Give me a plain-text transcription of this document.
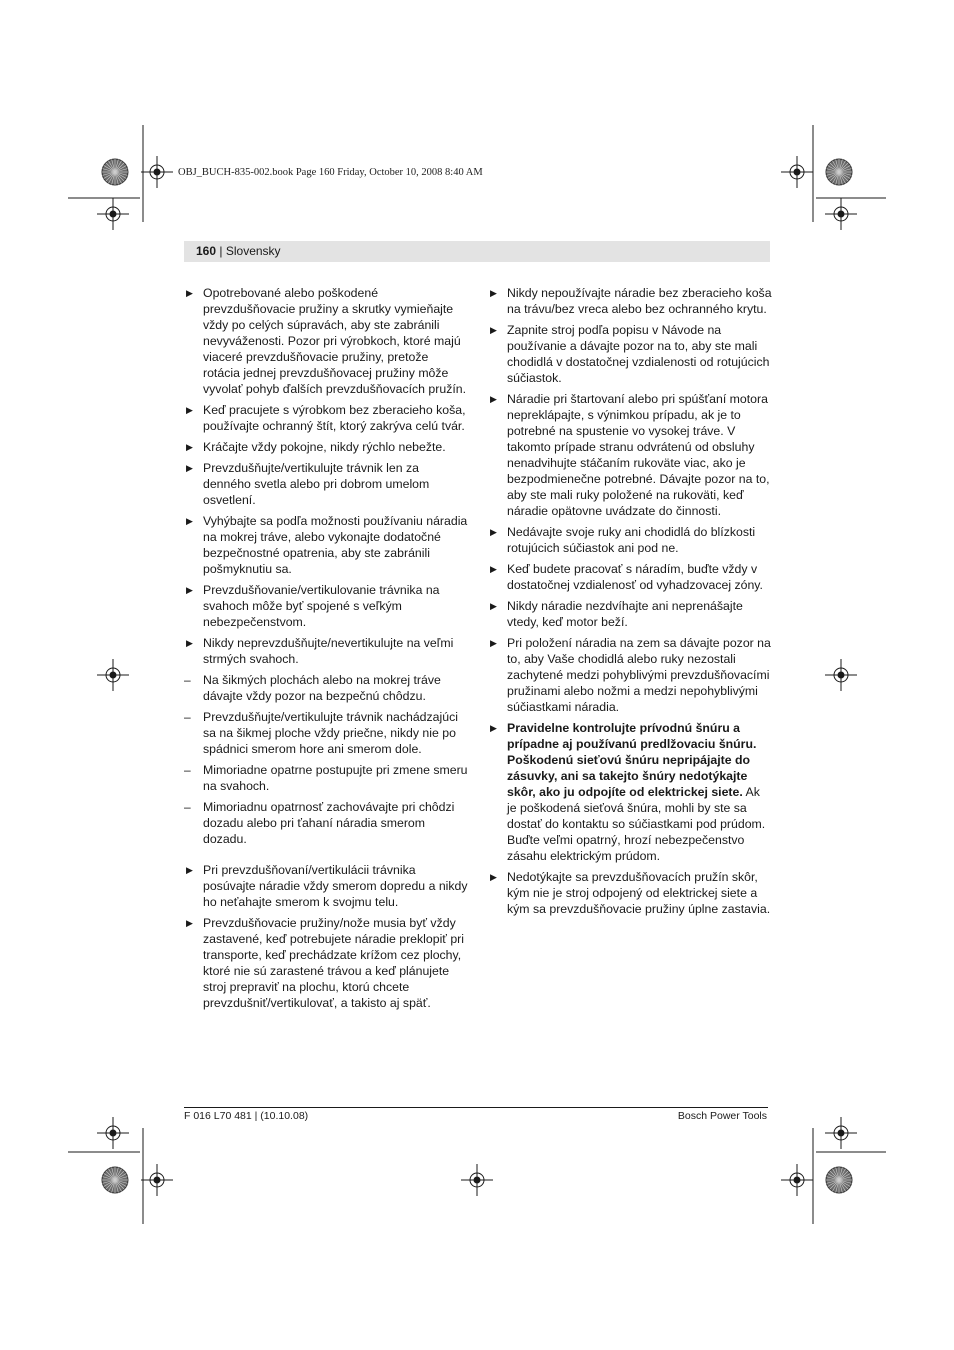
OBJ_BUCH-835-002.book Page 160 Friday, October 10, 2008 8:40 AM
160 | Slovensky
▶ Opotrebované alebo poškodené prevzdušňovacie pružiny a skrutky vymieňajte vždy po celých súpravách, aby ste zabránili nevyváženosti. Pozor pri výrobkoch, ktoré majú viaceré prevzdušňovacie pružiny, pretože rotácia jednej prevzdušňovacej pružiny môže vyvolať pohyb ďalších prevzdušňovacích pružín.
▶ Keď pracujete s výrobkom bez zberacieho koša, používajte ochranný štít, ktorý zakrýva celú tvár.
▶ Kráčajte vždy pokojne, nikdy rýchlo nebežte.
▶ Prevzdušňujte/vertikulujte trávnik len za denného svetla alebo pri dobrom umelom osvetlení.
▶ Vyhýbajte sa podľa možnosti používaniu náradia na mokrej tráve, alebo vykonajte dodatočné bezpečnostné opatrenia, aby ste zabránili pošmyknutiu sa.
▶ Prevzdušňovanie/vertikulovanie trávnika na svahoch môže byť spojené s veľkým nebezpečenstvom.
▶ Nikdy neprevzdušňujte/nevertikulujte na veľmi strmých svahoch.
– Na šikmých plochách alebo na mokrej tráve dávajte vždy pozor na bezpečnú chôdzu.
– Prevzdušňujte/vertikulujte trávnik nachádzajúci sa na šikmej ploche vždy priečne, nikdy nie po spádnici smerom hore ani smerom dole.
– Mimoriadne opatrne postupujte pri zmene smeru na svahoch.
– Mimoriadnu opatrnosť zachovávajte pri chôdzi dozadu alebo pri ťahaní náradia smerom dozadu.
▶ Pri prevzdušňovaní/vertikulácii trávnika posúvajte náradie vždy smerom dopredu a nikdy ho neťahajte smerom k svojmu telu.
▶ Prevzdušňovacie pružiny/nože musia byť vždy zastavené, keď potrebujete náradie preklopiť pri transporte, keď prechádzate krížom cez plochy, ktoré nie sú zarastené trávou a keď plánujete stroj prepraviť na plochu, ktorú chcete prevzdušniť/vertikulovať, a takisto aj späť.
▶ Nikdy nepoužívajte náradie bez zberacieho koša na trávu/bez vreca alebo bez ochranného krytu.
▶ Zapnite stroj podľa popisu v Návode na používanie a dávajte pozor na to, aby ste mali chodidlá v dostatočnej vzdialenosti od rotujúcich súčiastok.
▶ Náradie pri štartovaní alebo pri spúšťaní motora nepreklápajte, s výnimkou prípadu, ak je to potrebné na spustenie vo vysokej tráve. V takomto prípade stranu odvrátenú od obsluhy nenadvihujte stáčaním rukoväte viac, ako je bezpodmienečne potrebné. Dávajte pozor na to, aby ste mali ruky položené na rukoväti, keď náradie opätovne uvádzate do činnosti.
▶ Nedávajte svoje ruky ani chodidlá do blízkosti rotujúcich súčiastok ani pod ne.
▶ Keď budete pracovať s náradím, buďte vždy v dostatočnej vzdialenosť od vyhadzovacej zóny.
▶ Nikdy náradie nezdvíhajte ani neprenášajte vtedy, keď motor beží.
▶ Pri položení náradia na zem sa dávajte pozor na to, aby Vaše chodidlá alebo ruky nezostali zachytené medzi pohyblivými prevzdušňovacími pružinami alebo nožmi a medzi nepohyblivými súčiastkami náradia.
▶ Pravidelne kontrolujte prívodnú šnúru a prípadne aj používanú predlžovaciu šnúru. Poškodenú sieťovú šnúru nepripájajte do zásuvky, ani sa takejto šnúry nedotýkajte skôr, ako ju odpojíte od elektrickej siete. Ak je poškodená sieťová šnúra, mohli by ste sa dostať do kontaktu so súčiastkami pod prúdom. Buďte veľmi opatrný, hrozí nebezpečenstvo zásahu elektrickým prúdom.
▶ Nedotýkajte sa prevzdušňovacích pružín skôr, kým nie je stroj odpojený od elektrickej siete a kým sa prevzdušňovacie pružiny úplne zastavia.
F 016 L70 481 | (10.10.08)	Bosch Power Tools
